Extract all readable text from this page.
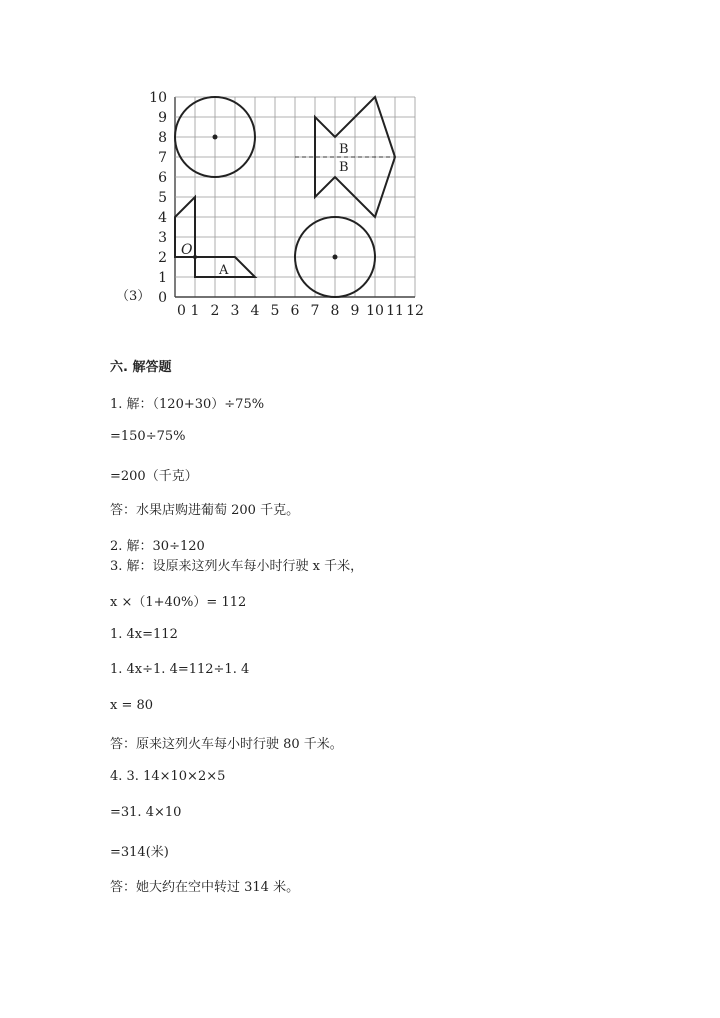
1 2 3 4 5 6 7 8 9 10 11 12
1
2
3
4
5
6
7
8
9
10
0
0
O
A
B
B
（3）
六. 解答题
1. 解：（120+30）÷75%
=150÷75%
=200（千克）
答：水果店购进葡萄 200 千克。
2. 解：30÷120
3. 解：设原来这列火车每小时行驶 x 千米，
x ×（1+40%）= 112
1. 4x=112
1. 4x÷1. 4=112÷1. 4
x = 80
答：原来这列火车每小时行驶 80 千米。
4. 3. 14×10×2×5
=31. 4×10
=314(米)
答：她大约在空中转过 314 米。
